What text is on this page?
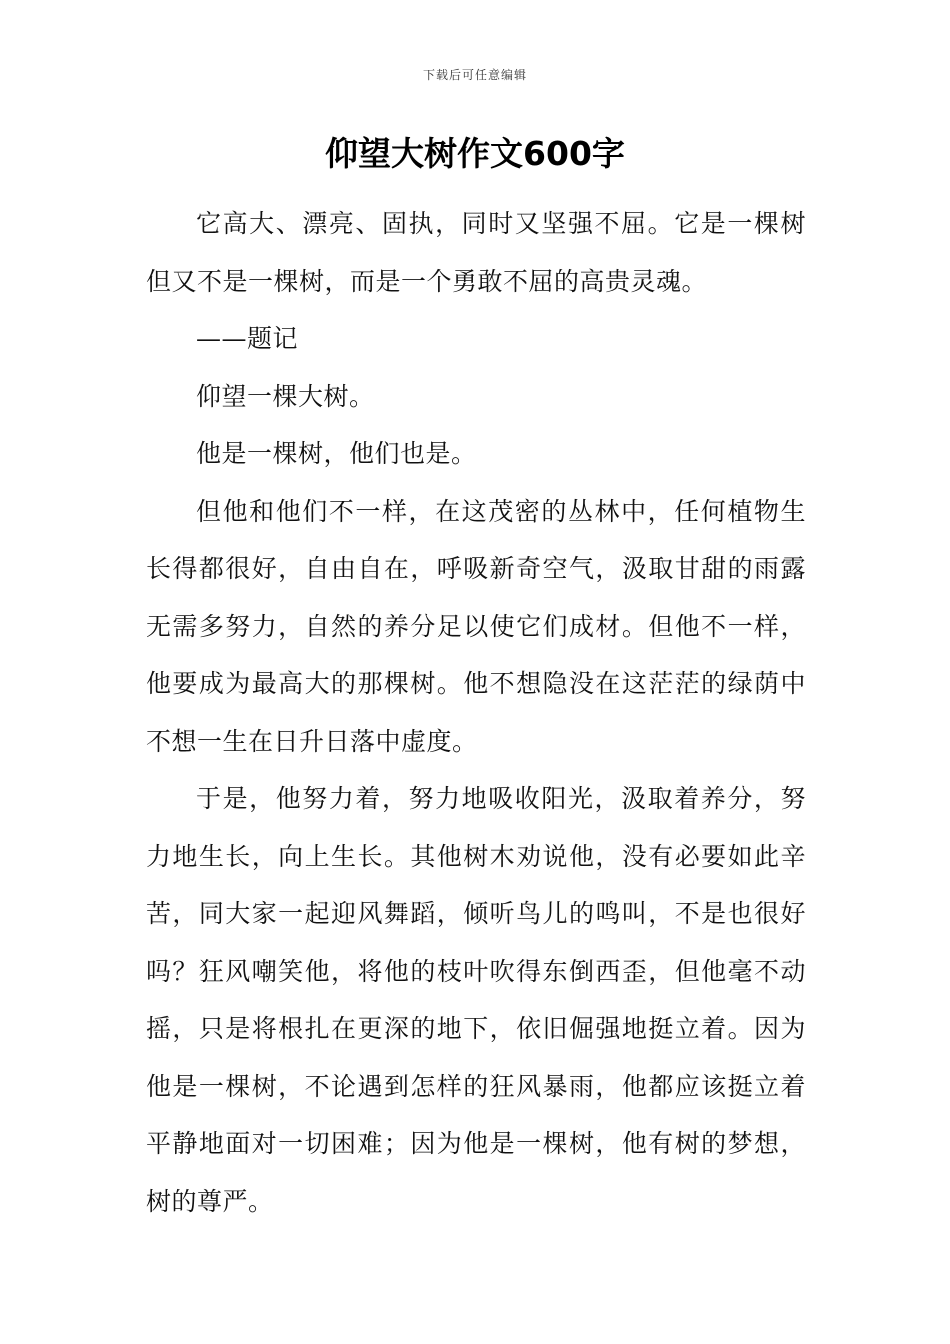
下载后可任意编辑
仰望大树作文600字

它高大、漂亮、固执，同时又坚强不屈。它是一棵树但又不是一棵树，而是一个勇敢不屈的高贵灵魂。

——题记

仰望一棵大树。

他是一棵树，他们也是。

但他和他们不一样，在这茂密的丛林中，任何植物生长得都很好，自由自在，呼吸新奇空气，汲取甘甜的雨露无需多努力，自然的养分足以使它们成材。但他不一样，他要成为最高大的那棵树。他不想隐没在这茫茫的绿荫中不想一生在日升日落中虚度。

于是，他努力着，努力地吸收阳光，汲取着养分，努力地生长，向上生长。其他树木劝说他，没有必要如此辛苦，同大家一起迎风舞蹈，倾听鸟儿的鸣叫，不是也很好吗？狂风嘲笑他，将他的枝叶吹得东倒西歪，但他毫不动摇，只是将根扎在更深的地下，依旧倔强地挺立着。因为他是一棵树，不论遇到怎样的狂风暴雨，他都应该挺立着平静地面对一切困难；因为他是一棵树，他有树的梦想，树的尊严。
